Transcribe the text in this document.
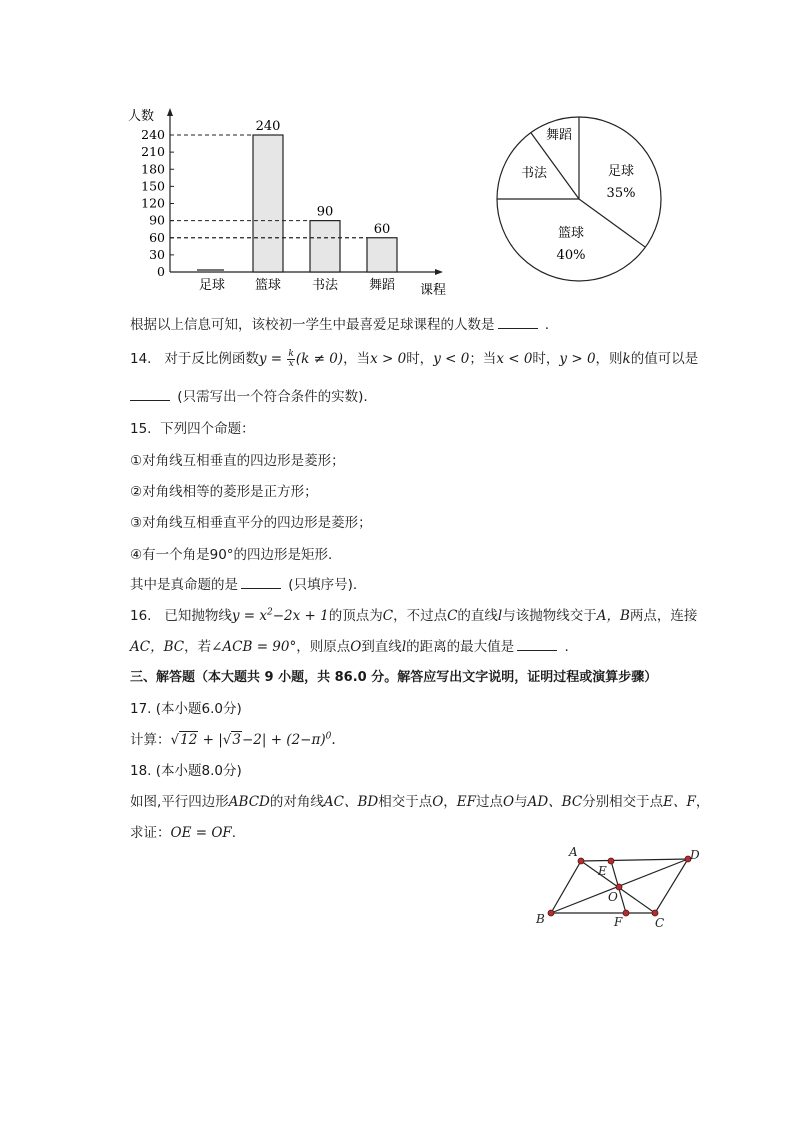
0
30
60
90
120
150
180
210
240
足球 篮球 书法 舞蹈
240
90
60
人数
课程
足球
35%
篮球
40%
书法
舞蹈
根据以上信息可知，该校初一学生中最喜爱足球课程的人数是	.
14. 对于反比例函数$y = \frac{k}{x} (k \ne 0)$，当x > 0时，y < 0；当x < 0时，y > 0，则k的值可以是
(只需写出一个符合条件的实数).
15. 下列四个命题：
①对角线互相垂直的四边形是菱形；
②对角线相等的菱形是正方形；
③对角线互相垂直平分的四边形是菱形；
④有一个角是90°的四边形是矩形.
其中是真命题的是	(只填序号).
16. 已知抛物线$y = x^2-2x + 1$的顶点为C，不过点C的直线l与该抛物线交于A，B两点，连接
AC，BC，若∠ACB = 90°，则原点O到直线l的距离的最大值是	.
三、解答题（本大题共 9 小题，共 86.0 分。解答应写出文字说明，证明过程或演算步骤）
17. (本小题6.0分)
计算：$√12 + |√3-2| + (2-\pi)^0$.
18. (本小题8.0分)
如图,平行四边形ABCD的对角线AC、BD相交于点O，EF过点O与AD、BC分别相交于点E、F，
求证：OE = OF.
A	D
E
O
B	F	C
